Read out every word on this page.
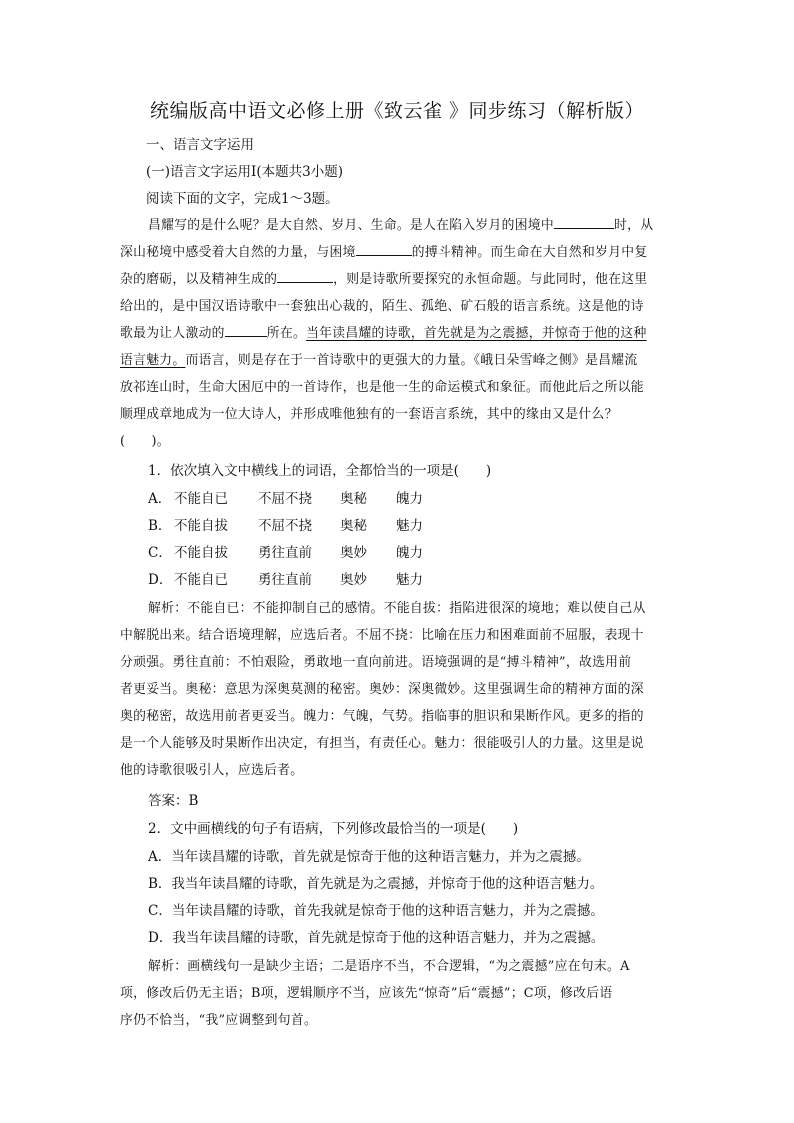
统编版高中语文必修上册《致云雀 》同步练习（解析版）
一、语言文字运用
(一)语言文字运用Ⅰ(本题共3小题)
阅读下面的文字，完成1～3题。
昌耀写的是什么呢？是大自然、岁月、生命。是人在陷入岁月的困境中	时，从
深山秘境中感受着大自然的力量，与困境	的搏斗精神。而生命在大自然和岁月中复
杂的磨砺，以及精神生成的	，则是诗歌所要探究的永恒命题。与此同时，他在这里
给出的，是中国汉语诗歌中一套独出心裁的，陌生、孤绝、矿石般的语言系统。这是他的诗
歌最为让人激动的	所在。当年读昌耀的诗歌，首先就是为之震撼，并惊奇于他的这种
语言魅力。而语言，则是存在于一首诗歌中的更强大的力量。《峨日朵雪峰之侧》是昌耀流
放祁连山时，生命大困厄中的一首诗作，也是他一生的命运模式和象征。而他此后之所以能
顺理成章地成为一位大诗人，并形成唯他独有的一套语言系统，其中的缘由又是什么？
(　　)。
1．依次填入文中横线上的词语，全都恰当的一项是(　　)
A． 不能自已 不屈不挠 奥秘 魄力
B． 不能自拔 不屈不挠 奥秘 魅力
C． 不能自拔 勇往直前 奥妙 魄力
D． 不能自已 勇往直前 奥妙 魅力
解析：不能自已：不能抑制自己的感情。不能自拔：指陷进很深的境地；难以使自己从
中解脱出来。结合语境理解，应选后者。不屈不挠：比喻在压力和困难面前不屈服，表现十
分顽强。勇往直前：不怕艰险，勇敢地一直向前进。语境强调的是“搏斗精神”，故选用前
者更妥当。奥秘：意思为深奥莫测的秘密。奥妙：深奥微妙。这里强调生命的精神方面的深
奥的秘密，故选用前者更妥当。魄力：气魄，气势。指临事的胆识和果断作风。更多的指的
是一个人能够及时果断作出决定，有担当，有责任心。魅力：很能吸引人的力量。这里是说
他的诗歌很吸引人，应选后者。
答案：B
2．文中画横线的句子有语病，下列修改最恰当的一项是(　　)
A．当年读昌耀的诗歌，首先就是惊奇于他的这种语言魅力，并为之震撼。
B．我当年读昌耀的诗歌，首先就是为之震撼，并惊奇于他的这种语言魅力。
C．当年读昌耀的诗歌，首先我就是惊奇于他的这种语言魅力，并为之震撼。
D．我当年读昌耀的诗歌，首先就是惊奇于他的这种语言魅力，并为之震撼。
解析：画横线句一是缺少主语；二是语序不当，不合逻辑，“为之震撼”应在句末。A
项，修改后仍无主语；B项，逻辑顺序不当，应该先“惊奇”后“震撼”；C项，修改后语
序仍不恰当，“我”应调整到句首。
